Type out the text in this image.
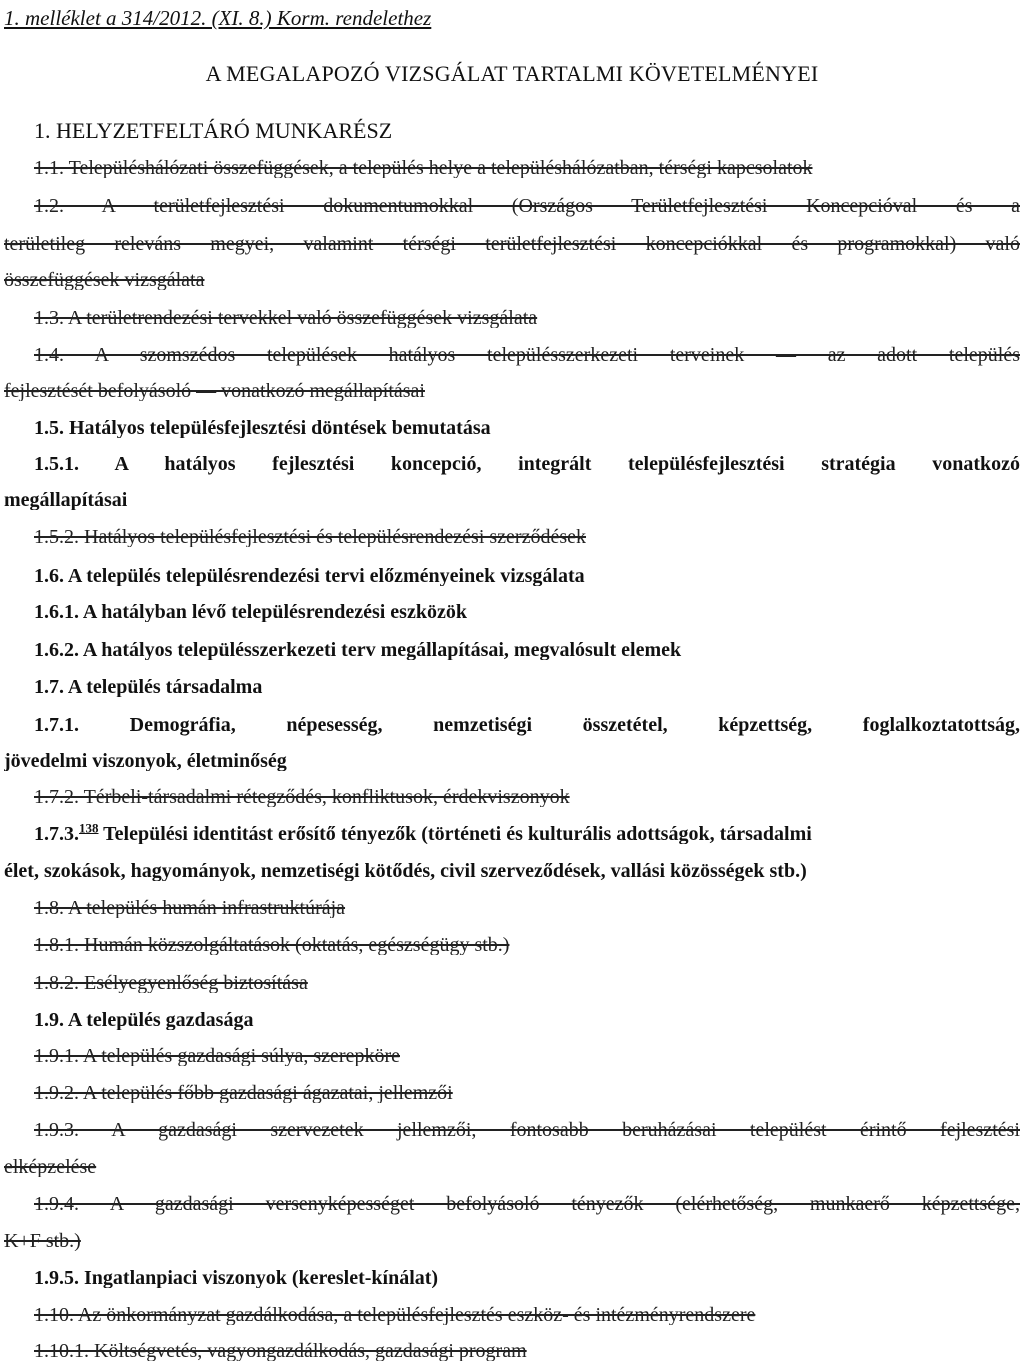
1. melléklet a 314/2012. (XI. 8.) Korm. rendelethez
A MEGALAPOZÓ VIZSGÁLAT TARTALMI KÖVETELMÉNYEI
1. HELYZETFELTÁRÓ MUNKARÉSZ
1.1. Településhálózati összefüggések, a település helye a településhálózatban, térségi kapcsolatok
1.2. A területfejlesztési dokumentumokkal (Országos Területfejlesztési Koncepcióval és a
területileg releváns megyei, valamint térségi területfejlesztési koncepciókkal és programokkal) való
összefüggések vizsgálata
1.3. A területrendezési tervekkel való összefüggések vizsgálata
1.4. A szomszédos települések hatályos településszerkezeti terveinek — az adott település
fejlesztését befolyásoló — vonatkozó megállapításai
1.5. Hatályos településfejlesztési döntések bemutatása
1.5.1. A hatályos fejlesztési koncepció, integrált településfejlesztési stratégia vonatkozó
megállapításai
1.5.2. Hatályos településfejlesztési és településrendezési szerződések
1.6. A település településrendezési tervi előzményeinek vizsgálata
1.6.1. A hatályban lévő településrendezési eszközök
1.6.2. A hatályos településszerkezeti terv megállapításai, megvalósult elemek
1.7. A település társadalma
1.7.1. Demográfia, népesesség, nemzetiségi összetétel, képzettség, foglalkoztatottság,
jövedelmi viszonyok, életminőség
1.7.2. Térbeli-társadalmi rétegződés, konfliktusok, érdekviszonyok
1.7.3.$^{138}$ Települési identitást erősítő tényezők (történeti és kulturális adottságok, társadalmi
élet, szokások, hagyományok, nemzetiségi kötődés, civil szerveződések, vallási közösségek stb.)
1.8. A település humán infrastruktúrája
1.8.1. Humán közszolgáltatások (oktatás, egészségügy stb.)
1.8.2. Esélyegyenlőség biztosítása
1.9. A település gazdasága
1.9.1. A település gazdasági súlya, szerepköre
1.9.2. A település főbb gazdasági ágazatai, jellemzői
1.9.3. A gazdasági szervezetek jellemzői, fontosabb beruházásai települést érintő fejlesztési
elképzelése
1.9.4. A gazdasági versenyképességet befolyásoló tényezők (elérhetőség, munkaerő képzettsége,
K+F stb.)
1.9.5. Ingatlanpiaci viszonyok (kereslet-kínálat)
1.10. Az önkormányzat gazdálkodása, a településfejlesztés eszköz- és intézményrendszere
1.10.1. Költségvetés, vagyongazdálkodás, gazdasági program
